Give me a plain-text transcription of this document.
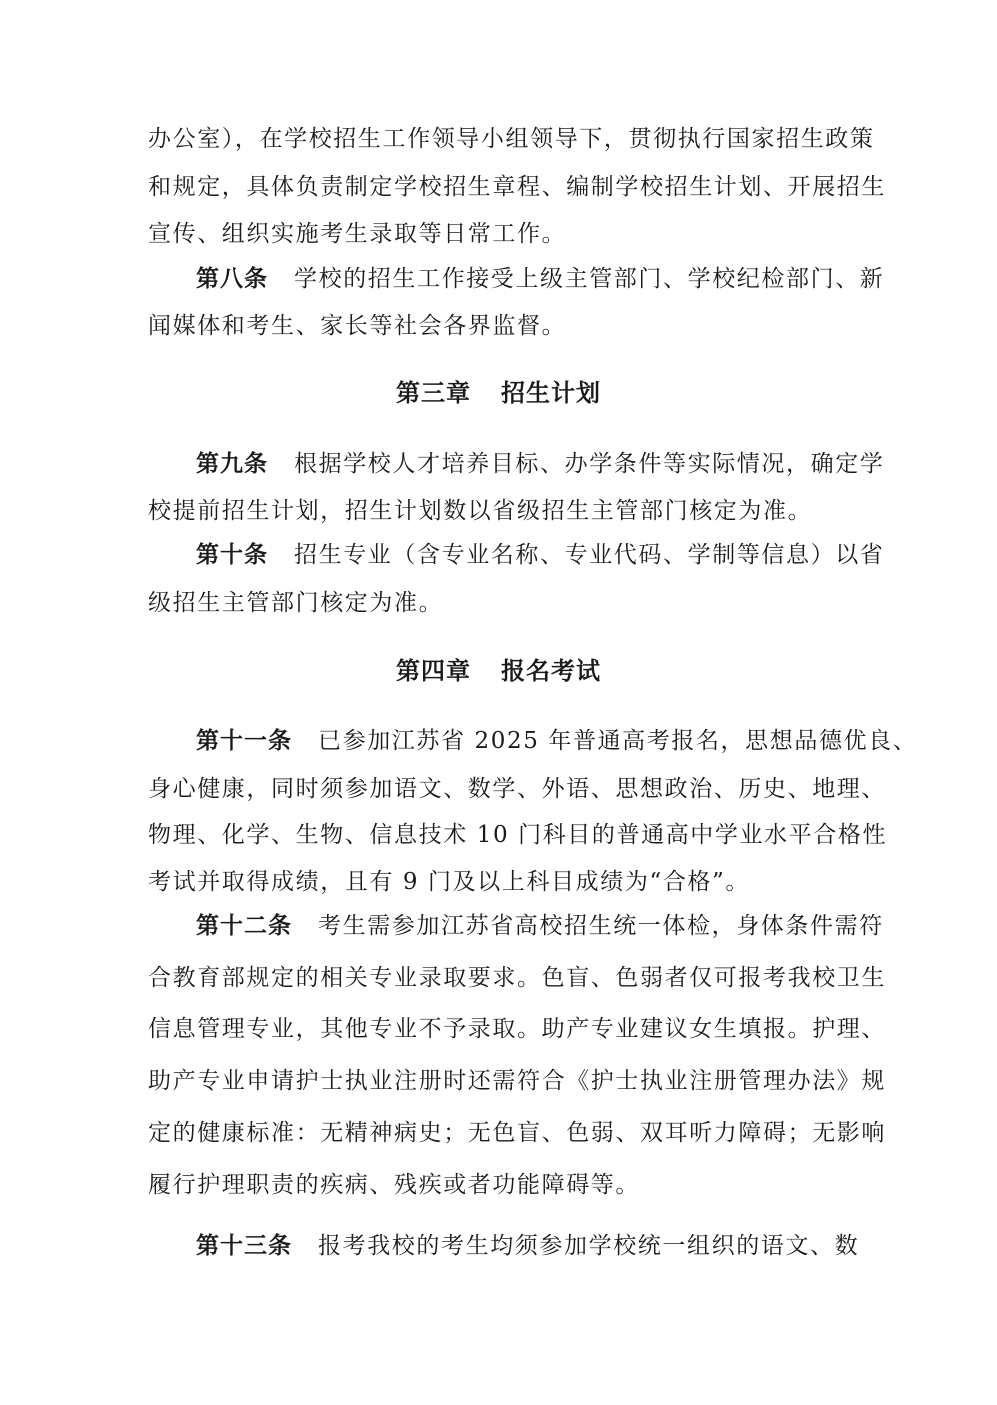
办公室），在学校招生工作领导小组领导下，贯彻执行国家招生政策
和规定，具体负责制定学校招生章程、编制学校招生计划、开展招生
宣传、组织实施考生录取等日常工作。
第八条 学校的招生工作接受上级主管部门、学校纪检部门、新
闻媒体和考生、家长等社会各界监督。
第三章 招生计划
第九条 根据学校人才培养目标、办学条件等实际情况，确定学
校提前招生计划，招生计划数以省级招生主管部门核定为准。
第十条 招生专业（含专业名称、专业代码、学制等信息）以省
级招生主管部门核定为准。
第四章 报名考试
第十一条 已参加江苏省 2025 年普通高考报名，思想品德优良、
身心健康，同时须参加语文、数学、外语、思想政治、历史、地理、
物理、化学、生物、信息技术 10 门科目的普通高中学业水平合格性
考试并取得成绩，且有 9 门及以上科目成绩为“合格”。
第十二条 考生需参加江苏省高校招生统一体检，身体条件需符
合教育部规定的相关专业录取要求。色盲、色弱者仅可报考我校卫生
信息管理专业，其他专业不予录取。助产专业建议女生填报。护理、
助产专业申请护士执业注册时还需符合《护士执业注册管理办法》规
定的健康标准：无精神病史；无色盲、色弱、双耳听力障碍；无影响
履行护理职责的疾病、残疾或者功能障碍等。
第十三条 报考我校的考生均须参加学校统一组织的语文、数
